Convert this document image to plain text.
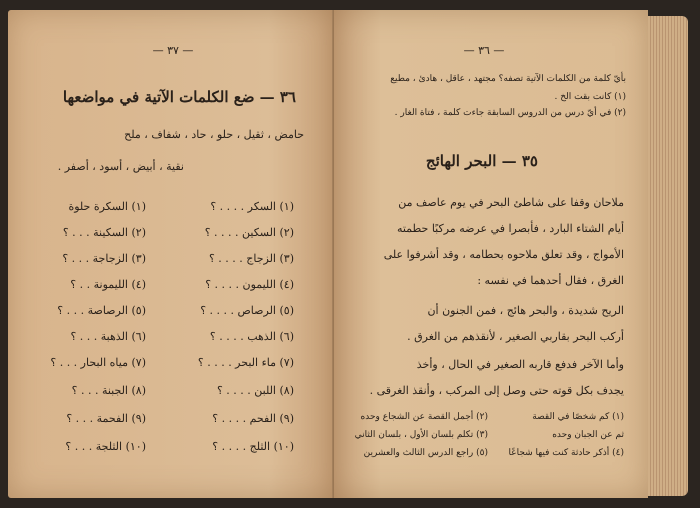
— ٣٧ —
٣٦ — ضع الكلمات الآتية في مواضعها
حامض ، ثقيل ، حلو ، حاد ، شفاف ، ملح
نقية ، أبيض ، أسود ، أصفر .
(١) السكر . . . . ؟
(١) السكرة حلوة
(٢) السكين . . . . ؟
(٢) السكينة . . . ؟
(٣) الزجاج . . . . ؟
(٣) الزجاجة . . . ؟
(٤) الليمون . . . . ؟
(٤) الليمونة . . ؟
(٥) الرصاص . . . . ؟
(٥) الرصاصة . . . ؟
(٦) الذهب . . . . ؟
(٦) الذهبة . . . ؟
(٧) ماء البحر . . . . ؟
(٧) مياه البحار . . . ؟
(٨) اللبن . . . . ؟
(٨) الجبنة . . . ؟
(٩) الفحم . . . . ؟
(٩) الفحمة . . . ؟
(١٠) الثلج . . . . ؟
(١٠) الثلجة . . . ؟
— ٣٦ —
بأيّ كلمة من الكلمات الآتية تصفه؟ مجتهد ، عاقل ، هادئ ، مطيع
(١) كانت بقت الخ .
(٢) في أيّ درس من الدروس السابقة جاءت كلمة ، فتاة الغار .
٣٥ — البحر الهائج
ملاحان وقفا على شاطئ البحر في يوم عاصف من
أيام الشتاء البارد ، فأبصرا في عرضه مركبًا حطمته
الأمواج ، وقد تعلق ملاحوه بحطامه ، وقد أشرفوا على
الغرق ، فقال أحدهما في نفسه :
الريح شديدة ، والبحر هائج ، فمن الجنون أن
أركب البحر بقاربي الصغير ، لأنقذهم من الغرق .
وأما الآخر فدفع قاربه الصغير في الحال ، وأخذ
يجدف بكل قوته حتى وصل إلى المركب ، وأنقذ الغرقى .
(١) كم شخصًا في القصة
(٢) أجمل القصة عن الشجاع وحده
ثم عن الجبان وحده
(٣) تكلم بلسان الأول ، بلسان الثاني
(٤) أذكر حادثة كنت فيها شجاعًا
(٥) راجع الدرس الثالث والعشرين
